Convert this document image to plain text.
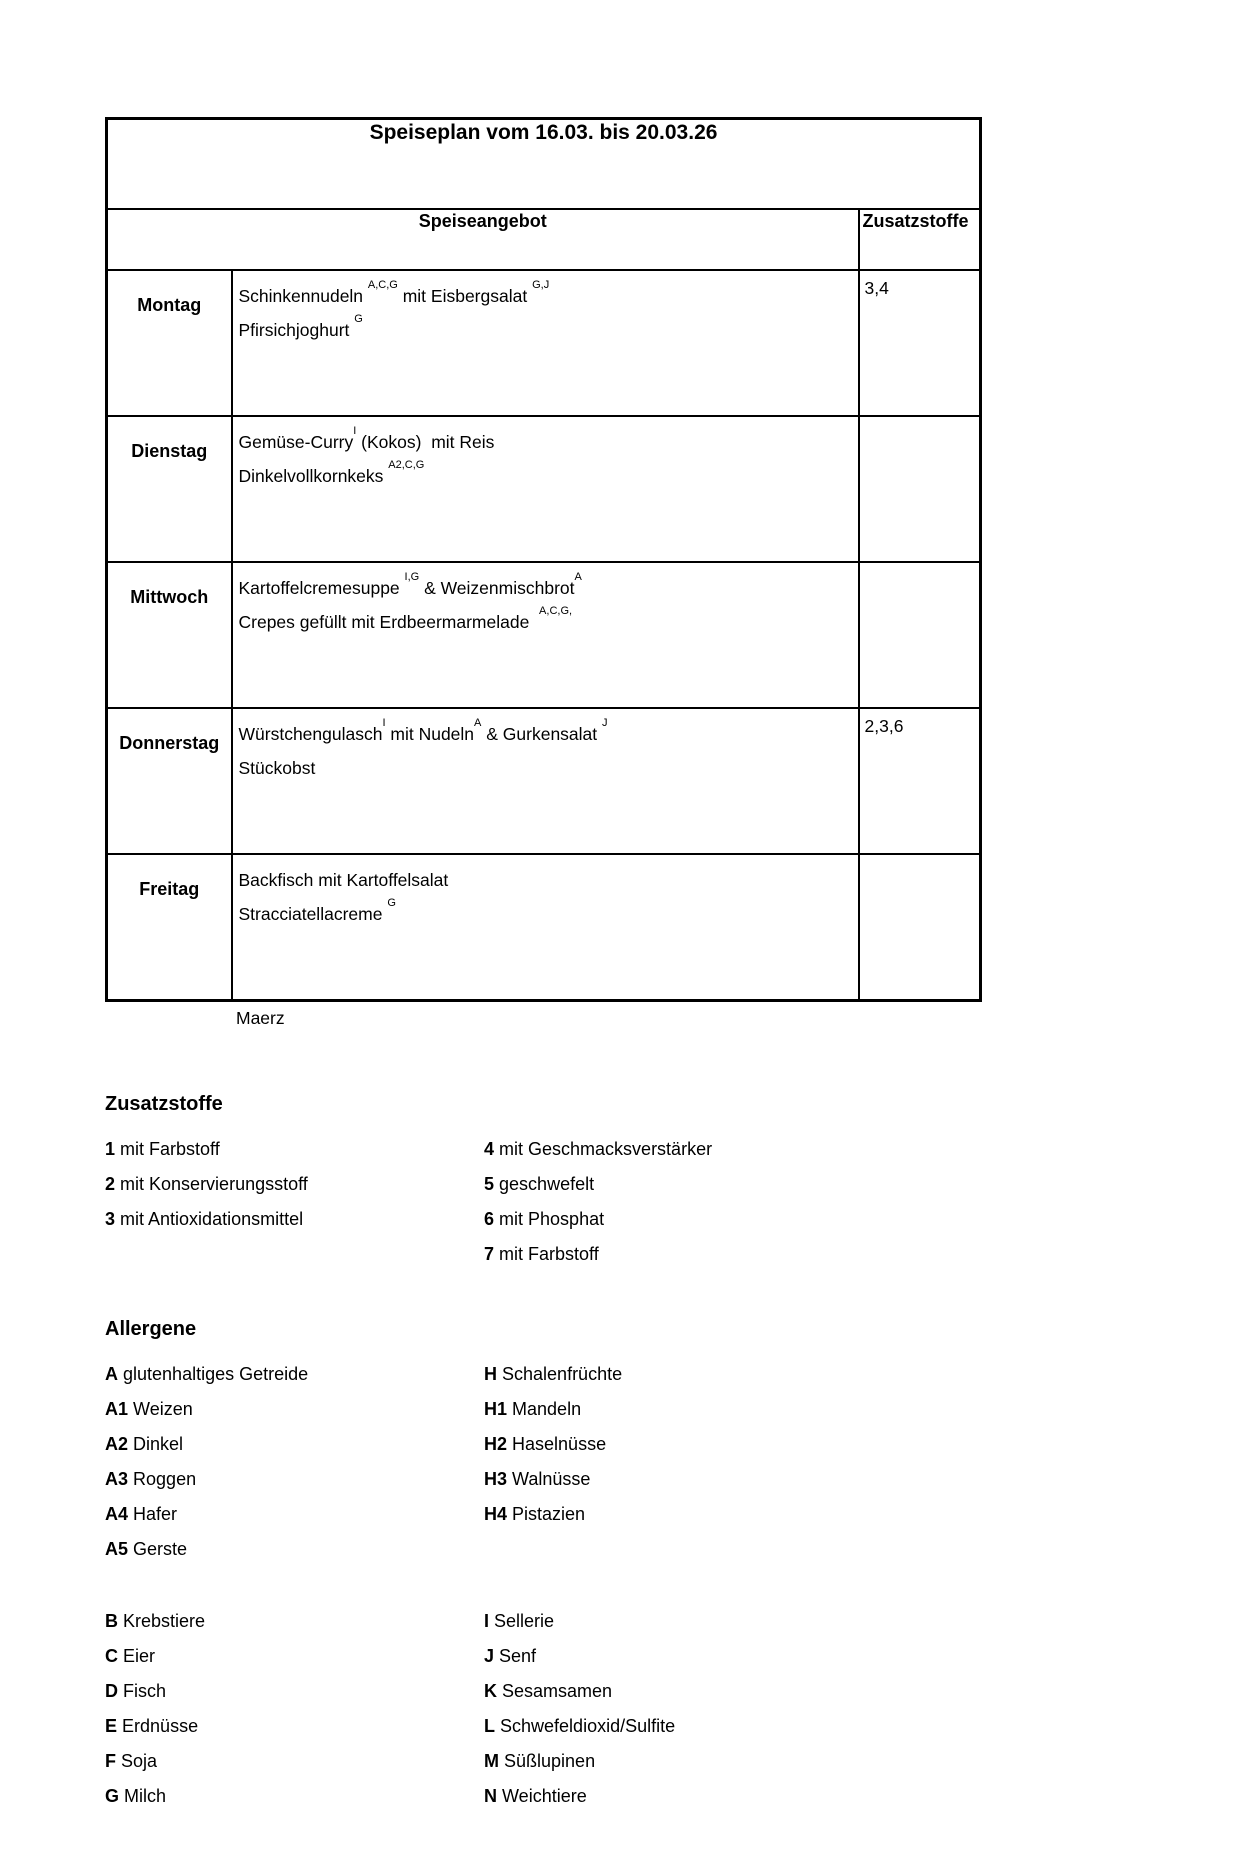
Speiseplan vom 16.03. bis 20.03.26		
Speiseangebot		Zusatzstoffe
Montag	Schinkennudeln $^{A,C,G}$ mit Eisbergsalat $^{G,J}$
Pfirsichjoghurt $^G$	3,4
Dienstag	Gemüse-Curry$^I$ (Kokos)  mit Reis
Dinkelvollkornkeks $^{A2,C,G}$

Mittwoch	Kartoffelcremesuppe $^{I,G}$ & Weizenmischbrot$^A$
Crepes gefüllt mit Erdbeermarmelade  $^{A,C,G,}$

Donnerstag	Würstchengulasch$^I$ mit Nudeln$^A$ & Gurkensalat $^J$
Stückobst	2,3,6
Freitag	Backfisch mit Kartoffelsalat
Stracciatellacreme $^G$

Maerz
Zusatzstoffe
1 mit Farbstoff	4 mit Geschmacksverstärker
2 mit Konservierungsstoff	5 geschwefelt
3 mit Antioxidationsmittel	6 mit Phosphat
7 mit Farbstoff
Allergene
A glutenhaltiges Getreide	H Schalenfrüchte
A1 Weizen	H1 Mandeln
A2 Dinkel	H2 Haselnüsse
A3 Roggen	H3 Walnüsse
A4 Hafer	H4 Pistazien
A5 Gerste
B Krebstiere	I Sellerie
C Eier	J Senf
D Fisch	K Sesamsamen
E Erdnüsse	L Schwefeldioxid/Sulfite
F Soja	M Süßlupinen
G Milch	N Weichtiere
